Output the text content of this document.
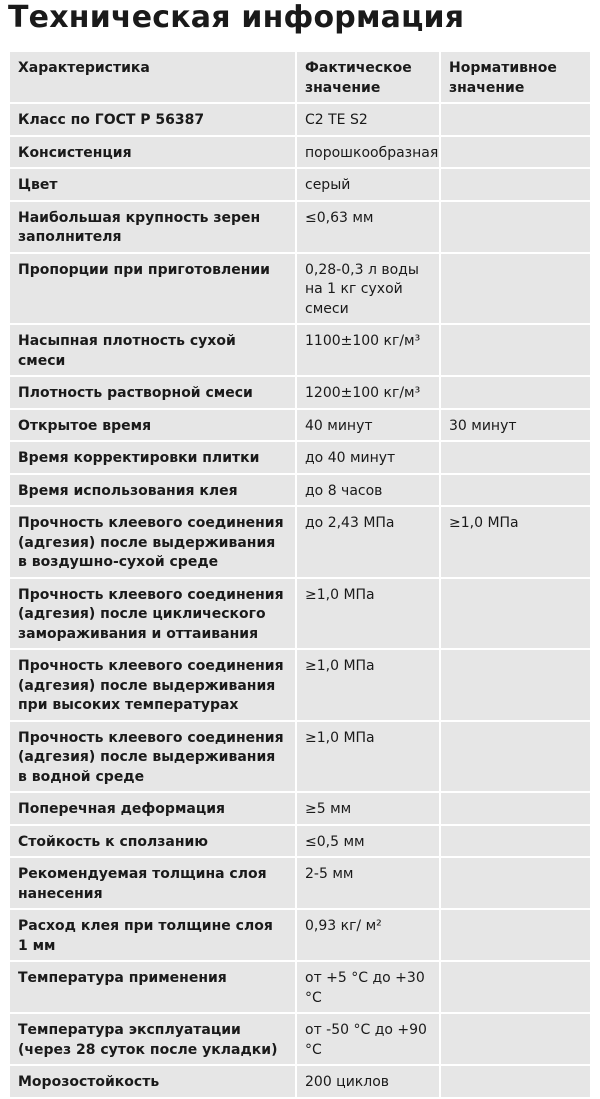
Техническая информация
Характеристика	Фактическое значение	Нормативное значение
Класс по ГОСТ Р 56387	C2 TE S2	
Консистенция	порошкообразная	
Цвет	серый	
Наибольшая крупность зерен заполнителя	≤0,63 мм	
Пропорции при приготовлении	0,28-0,3 л воды на 1 кг сухой смеси	
Насыпная плотность сухой смеси	1100±100 кг/м³	
Плотность растворной смеси	1200±100 кг/м³	
Открытое время	40 минут	30 минут
Время корректировки плитки	до 40 минут	
Время использования клея	до 8 часов	
Прочность клеевого соединения (адгезия) после выдерживания в воздушно-сухой среде	до 2,43 МПа	≥1,0 МПа
Прочность клеевого соединения (адгезия) после циклического замораживания и оттаивания	≥1,0 МПа	
Прочность клеевого соединения (адгезия) после выдерживания при высоких температурах	≥1,0 МПа	
Прочность клеевого соединения (адгезия) после выдерживания в водной среде	≥1,0 МПа	
Поперечная деформация	≥5 мм	
Стойкость к сползанию	≤0,5 мм	
Рекомендуемая толщина слоя нанесения	2-5 мм	
Расход клея при толщине слоя 1 мм	0,93 кг/ м²	
Температура применения	от +5 °С до +30 °С	
Температура эксплуатации (через 28 суток после укладки)	от -50 °С до +90 °С	
Морозостойкость	200 циклов	
